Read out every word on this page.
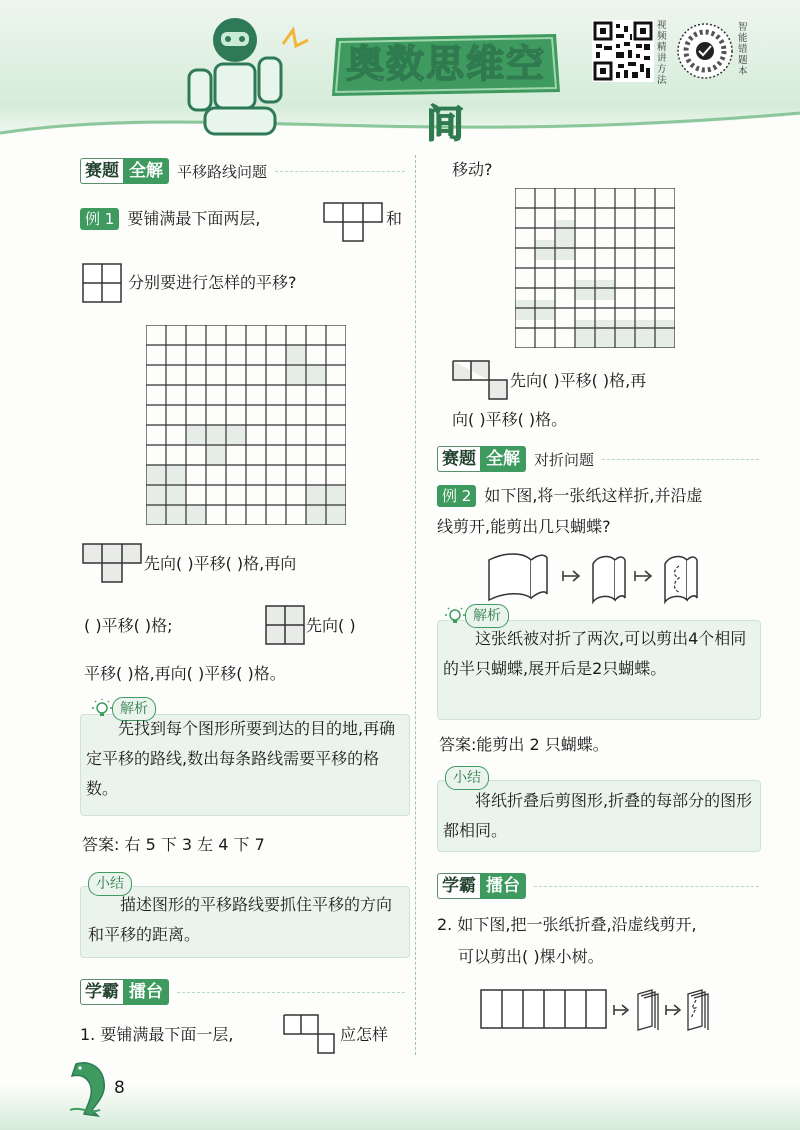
奥数思维空间
视频精讲方法
智能错题本
赛题 全解 平移路线问题
例 1 要铺满最下面两层,	和
分别要进行怎样的平移?
先向( )平移( )格,再向
( )平移( )格;	先向( )
平移( )格,再向( )平移( )格。
解析
先找到每个图形所要到达的目的地,再确定平移的路线,数出每条路线需要平移的格数。
答案: 右 5 下 3 左 4 下 7
小结
描述图形的平移路线要抓住平移的方向和平移的距离。
学霸 擂台
1. 要铺满最下面一层,	应怎样
移动?
先向( )平移( )格,再
向( )平移( )格。
赛题 全解 对折问题
例 2 如下图,将一张纸这样折,并沿虚
线剪开,能剪出几只蝴蝶?
解析
这张纸被对折了两次,可以剪出4个相同的半只蝴蝶,展开后是2只蝴蝶。
答案:能剪出 2 只蝴蝶。
小结
将纸折叠后剪图形,折叠的每部分的图形都相同。
学霸 擂台
2. 如下图,把一张纸折叠,沿虚线剪开,
可以剪出( )棵小树。
8
